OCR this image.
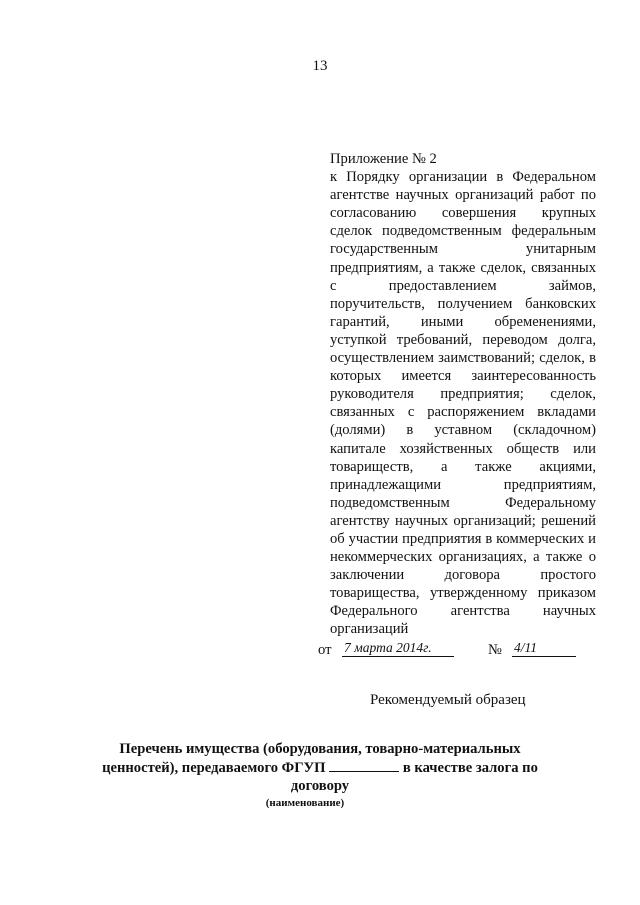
13
Приложение № 2
к Порядку организации в Федеральном агентстве научных организаций работ по согласованию совершения крупных сделок подведомственным федеральным государственным унитарным предприятиям, а также сделок, связанных с предоставлением займов, поручительств, получением банковских гарантий, иными обременениями, уступкой требований, переводом долга, осуществлением заимствований; сделок, в которых имеется заинтересованность руководителя предприятия; сделок, связанных с распоряжением вкладами (долями) в уставном (складочном) капитале хозяйственных обществ или товариществ, а также акциями, принадлежащими предприятиям, подведомственным Федеральному агентству научных организаций; решений об участии предприятия в коммерческих и некоммерческих организациях, а также о заключении договора простого товарищества, утвержденному приказом Федерального агентства научных организаций
от 7 марта 2014г.	№ 4/11
Рекомендуемый образец
Перечень имущества (оборудования, товарно-материальных
ценностей), передаваемого ФГУП	в качестве залога по
договору
(наименование)
